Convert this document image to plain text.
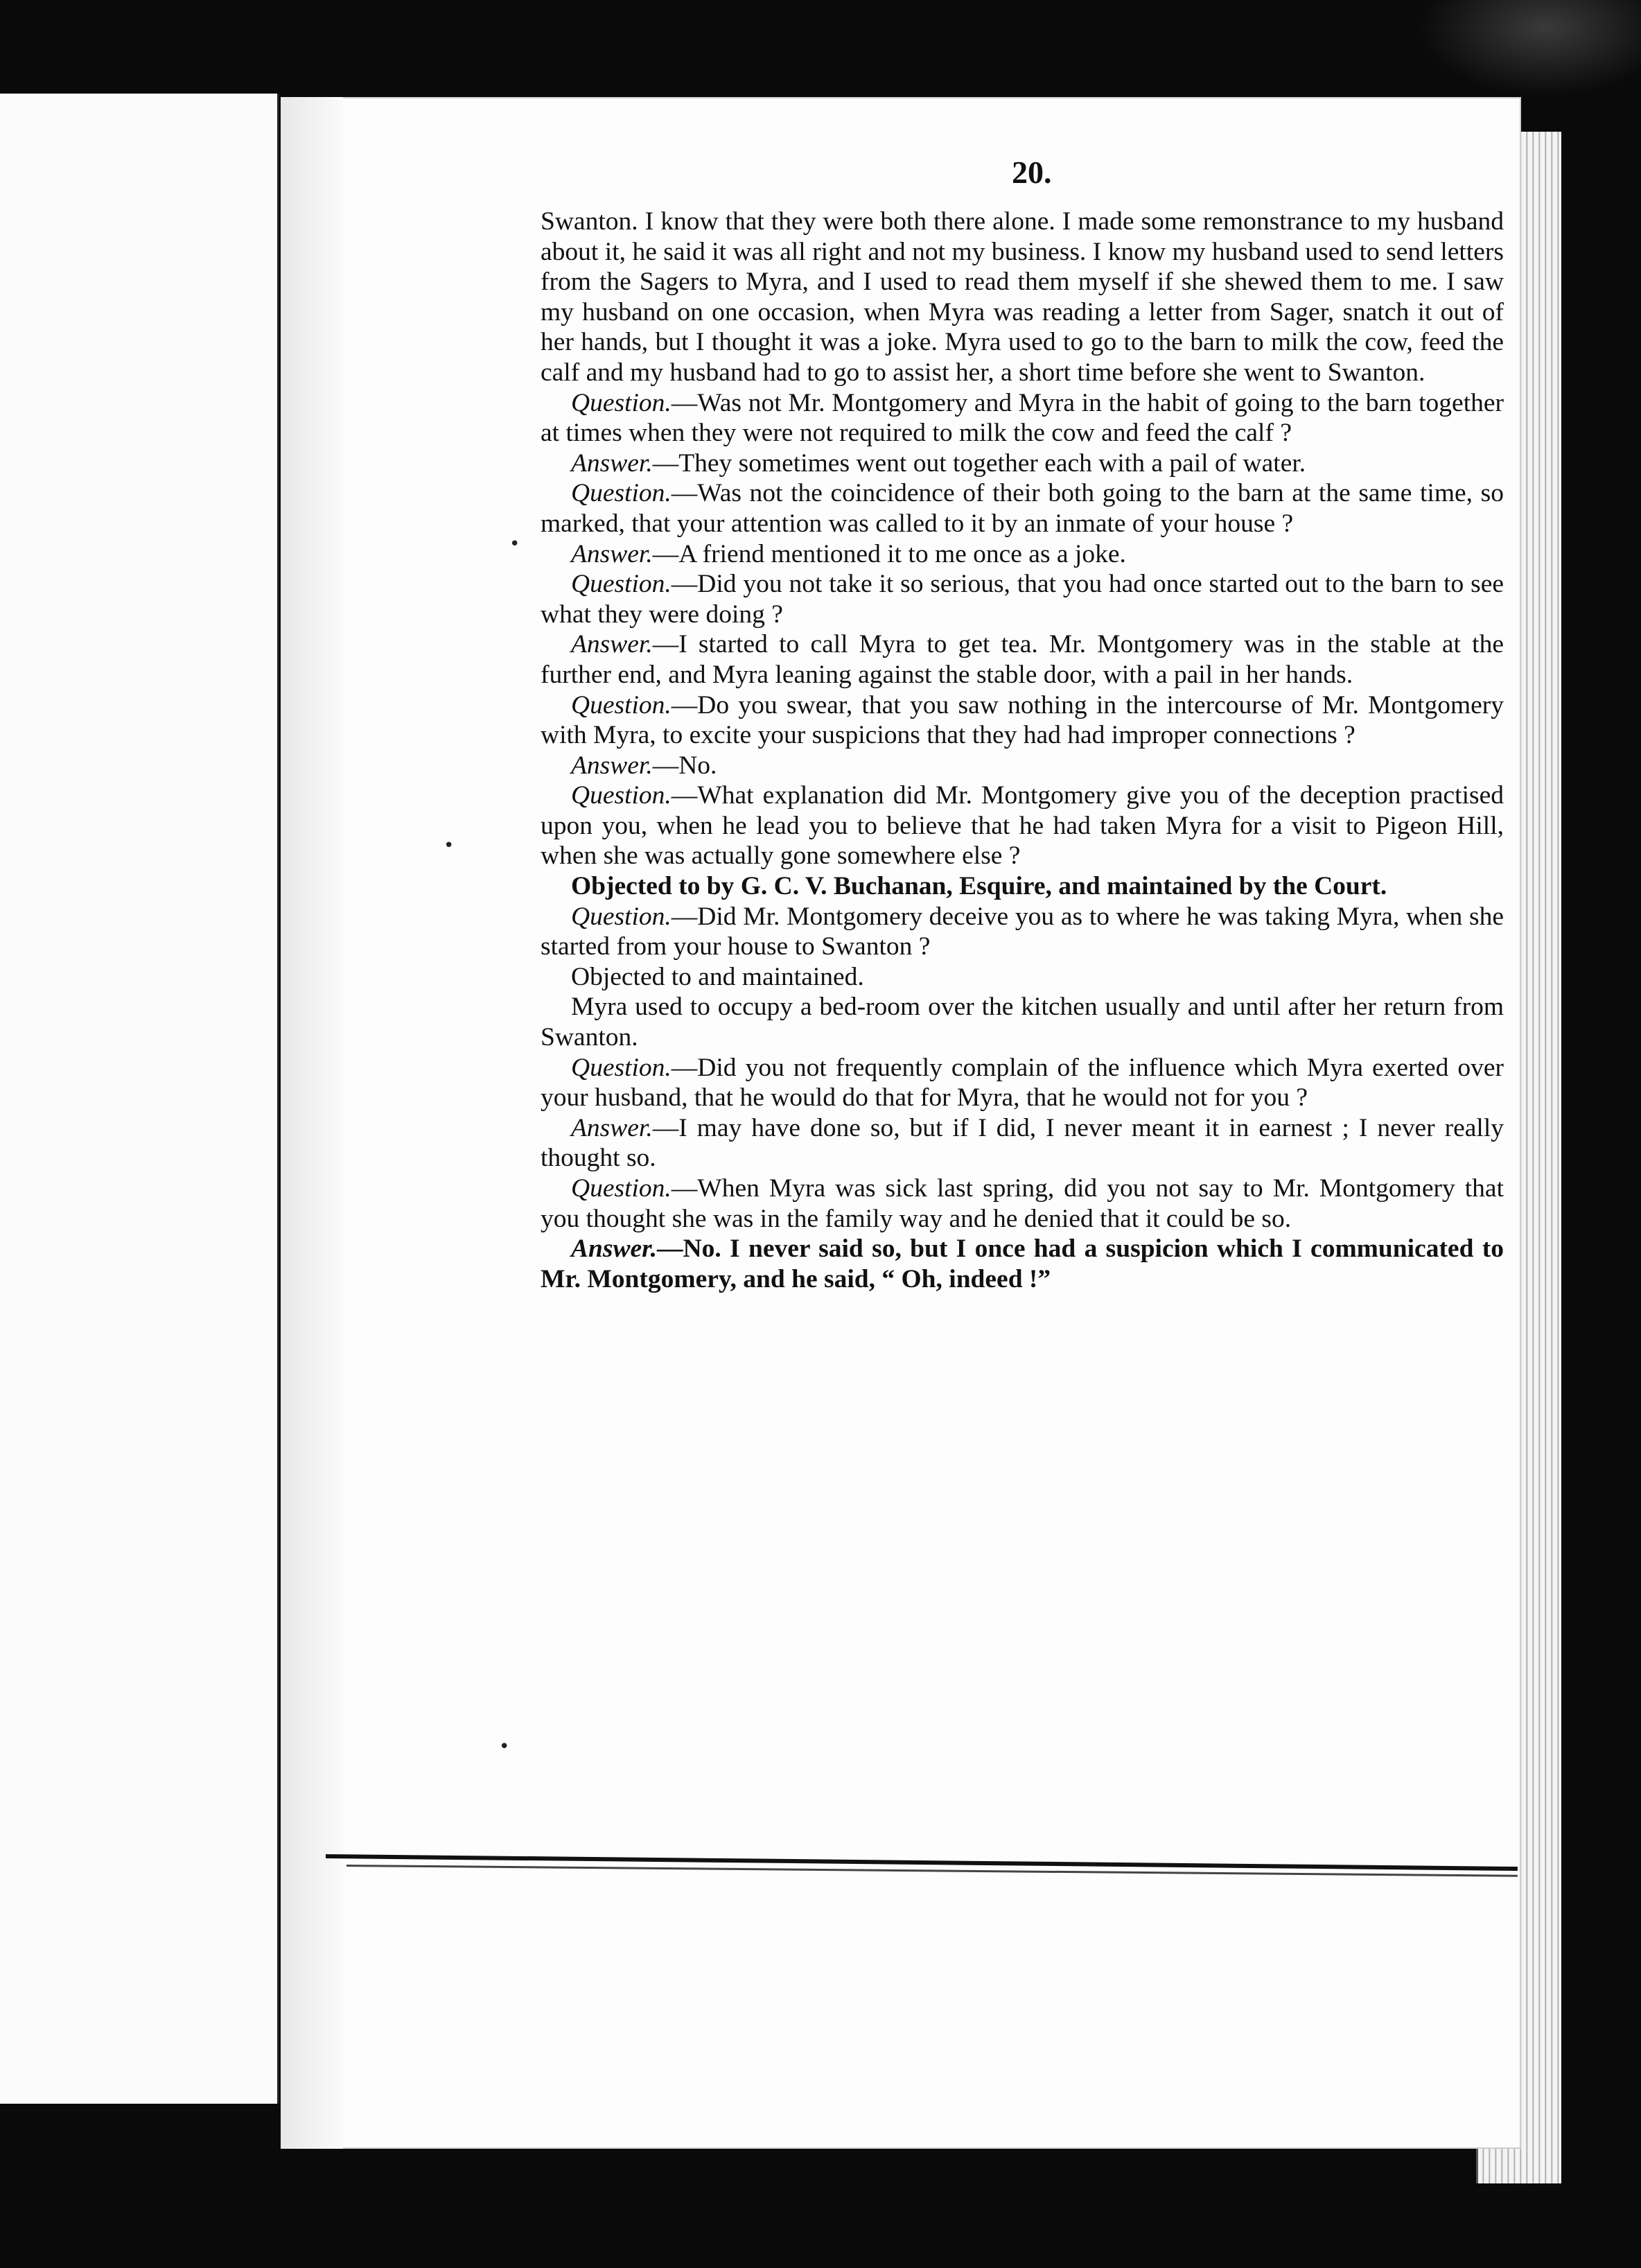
•
•
•
20.

Swanton. I know that they were both there alone. I made some remonstrance to my husband about it, he said it was all right and not my business. I know my husband used to send letters from the Sagers to Myra, and I used to read them myself if she shewed them to me. I saw my husband on one occasion, when Myra was reading a letter from Sager, snatch it out of her hands, but I thought it was a joke. Myra used to go to the barn to milk the cow, feed the calf and my husband had to go to assist her, a short time before she went to Swanton.

Question.—Was not Mr. Montgomery and Myra in the habit of going to the barn together at times when they were not required to milk the cow and feed the calf ?

Answer.—They sometimes went out together each with a pail of water.

Question.—Was not the coincidence of their both going to the barn at the same time, so marked, that your attention was called to it by an inmate of your house ?

Answer.—A friend mentioned it to me once as a joke.

Question.—Did you not take it so serious, that you had once started out to the barn to see what they were doing ?

Answer.—I started to call Myra to get tea. Mr. Montgomery was in the stable at the further end, and Myra leaning against the stable door, with a pail in her hands.

Question.—Do you swear, that you saw nothing in the intercourse of Mr. Montgomery with Myra, to excite your suspicions that they had had improper connections ?

Answer.—No.

Question.—What explanation did Mr. Montgomery give you of the deception practised upon you, when he lead you to believe that he had taken Myra for a visit to Pigeon Hill, when she was actually gone somewhere else ?

Objected to by G. C. V. Buchanan, Esquire, and maintained by the Court.

Question.—Did Mr. Montgomery deceive you as to where he was taking Myra, when she started from your house to Swanton ?

Objected to and maintained.

Myra used to occupy a bed-room over the kitchen usually and until after her return from Swanton.

Question.—Did you not frequently complain of the influence which Myra exerted over your husband, that he would do that for Myra, that he would not for you ?

Answer.—I may have done so, but if I did, I never meant it in earnest ; I never really thought so.

Question.—When Myra was sick last spring, did you not say to Mr. Montgomery that you thought she was in the family way and he denied that it could be so.

Answer.—No. I never said so, but I once had a suspicion which I communicated to Mr. Montgomery, and he said, “ Oh, indeed !”
